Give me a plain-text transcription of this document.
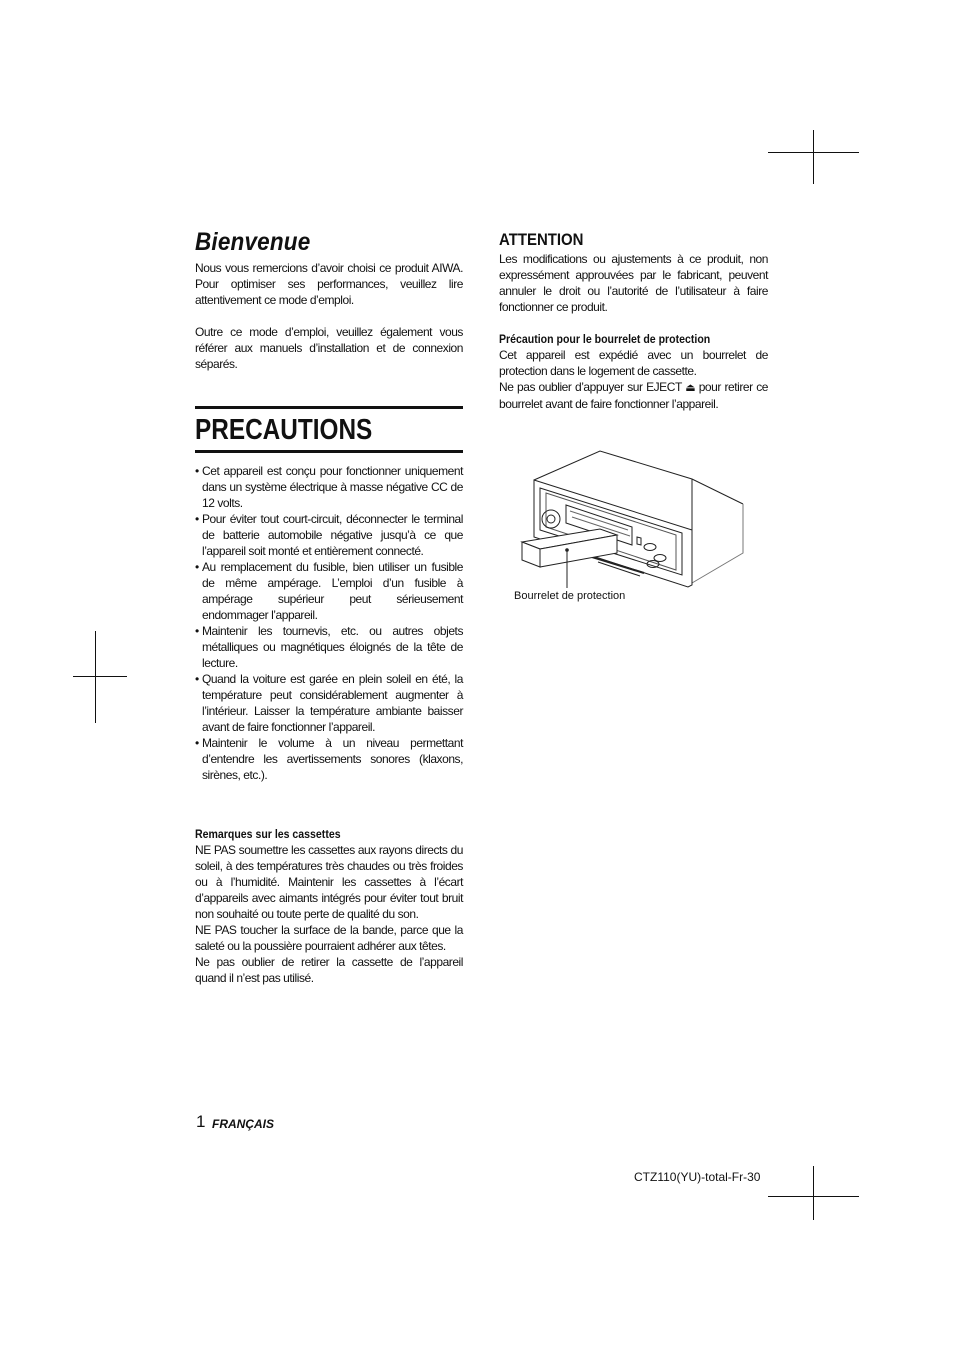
Bienvenue

Nous vous remercions d’avoir choisi ce produit AIWA. Pour optimiser ses performances, veuillez lire attentivement ce mode d’emploi.

Outre ce mode d’emploi, veuillez également vous référer aux manuels d’installation et de connexion séparés.

PRECAUTIONS
• Cet appareil est conçu pour fonctionner uniquement dans un système électrique à masse négative CC de 12 volts.
• Pour éviter tout court-circuit, déconnecter le terminal de batterie automobile négative jusqu’à ce que l’appareil soit monté et entièrement connecté.
• Au remplacement du fusible, bien utiliser un fusible de même ampérage. L’emploi d’un fusible à ampérage supérieur peut sérieusement endommager l’appareil.
• Maintenir les tournevis, etc. ou autres objets métalliques ou magnétiques éloignés de la tête de lecture.
• Quand la voiture est garée en plein soleil en été, la température peut considérablement augmenter à l’intérieur. Laisser la température ambiante baisser avant de faire fonctionner l’appareil.
• Maintenir le volume à un niveau permettant d’entendre les avertissements sonores (klaxons, sirènes, etc.).
Remarques sur les cassettes

NE PAS soumettre les cassettes aux rayons directs du soleil, à des températures très chaudes ou très froides ou à l’humidité. Maintenir les cassettes à l’écart d’appareils avec aimants intégrés pour éviter tout bruit non souhaité ou toute perte de qualité du son.

NE PAS toucher la surface de la bande, parce que la saleté ou la poussière pourraient adhérer aux têtes.

Ne pas oublier de retirer la cassette de l’appareil quand il n’est pas utilisé.

ATTENTION

Les modifications ou ajustements à ce produit, non expressément approuvées par le fabricant, peuvent annuler le droit ou l’autorité de l’utilisateur à faire fonctionner ce produit.

Précaution pour le bourrelet de protection

Cet appareil est expédié avec un bourrelet de protection dans le logement de cassette.

Ne pas oublier d’appuyer sur EJECT ⏏ pour retirer ce bourrelet avant de faire fonctionner l’appareil.

Bourrelet de protection
1 FRANÇAIS
CTZ110(YU)-total-Fr-30
